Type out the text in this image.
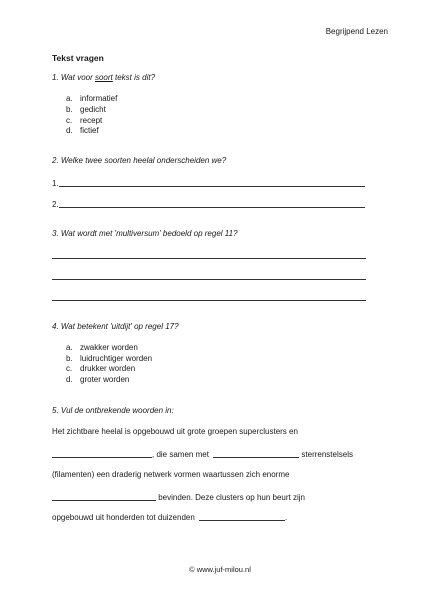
Begrijpend Lezen
Tekst vragen
1. Wat voor soort tekst is dit?
a. informatief
b. gedicht
c. recept
d. fictief
2. Welke twee soorten heelal onderscheiden we?
1.
2.
3. Wat wordt met 'multiversum' bedoeld op regel 11?
4. Wat betekent 'uitdijt' op regel 17?
a. zwakker worden
b. luidruchtiger worden
c. drukker worden
d. groter worden
5. Vul de ontbrekende woorden in:
Het zichtbare heelal is opgebouwd uit grote groepen superclusters en
, die samen met	sterrenstelsels
(filamenten) een draderig netwerk vormen waartussen zich enorme
bevinden. Deze clusters op hun beurt zijn
opgebouwd uit honderden tot duizenden	.
© www.juf-milou.nl
